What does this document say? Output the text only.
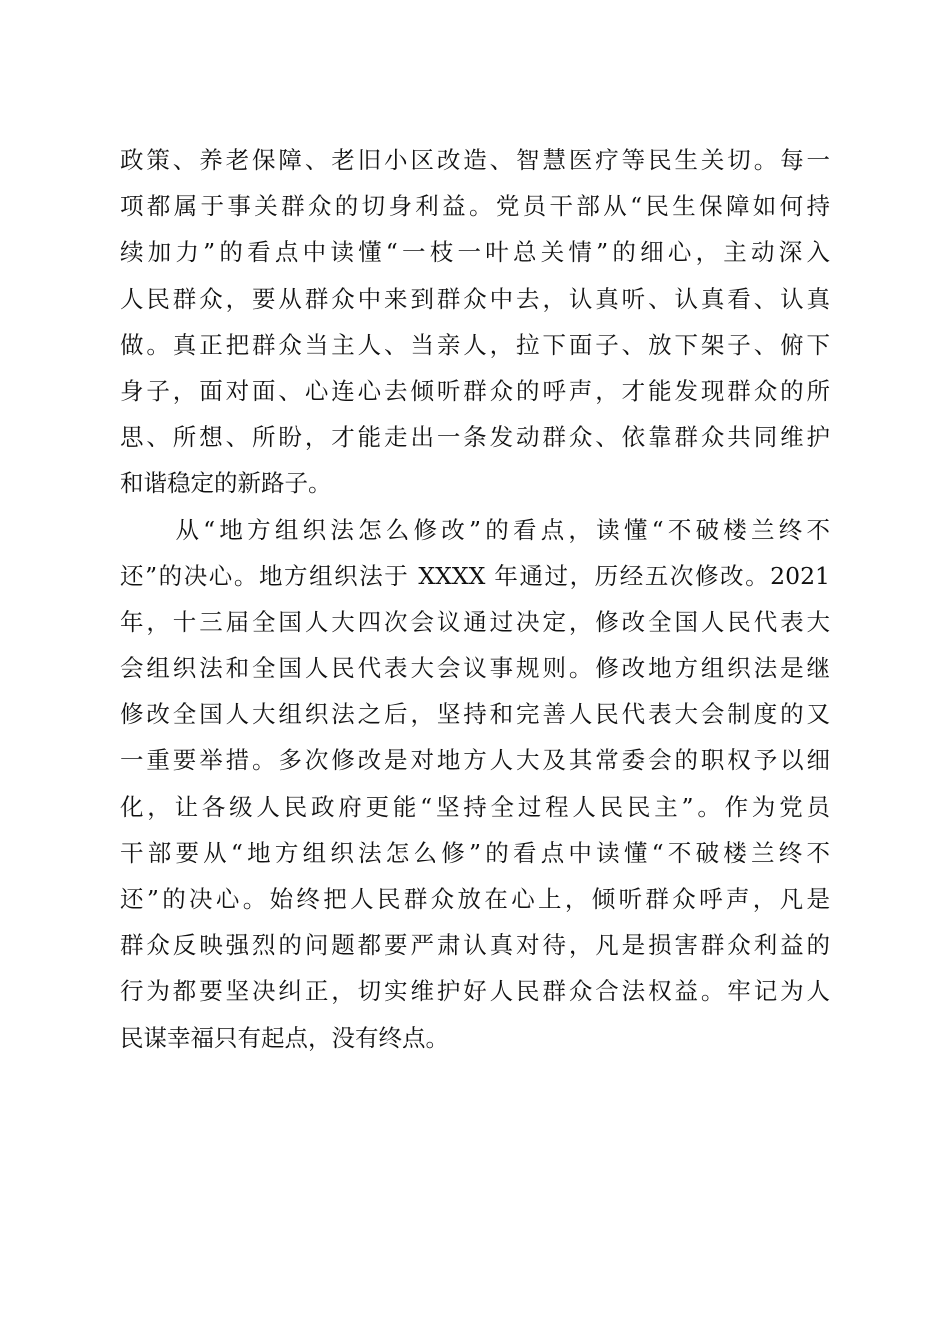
政策、养老保障、老旧小区改造、智慧医疗等民生关切。每一
项都属于事关群众的切身利益。党员干部从“民生保障如何持
续加力”的看点中读懂“一枝一叶总关情”的细心，主动深入
人民群众，要从群众中来到群众中去，认真听、认真看、认真
做。真正把群众当主人、当亲人，拉下面子、放下架子、俯下
身子，面对面、心连心去倾听群众的呼声，才能发现群众的所
思、所想、所盼，才能走出一条发动群众、依靠群众共同维护
和谐稳定的新路子。
　　从“地方组织法怎么修改”的看点，读懂“不破楼兰终不
还”的决心。地方组织法于 XXXX 年通过，历经五次修改。2021
年，十三届全国人大四次会议通过决定，修改全国人民代表大
会组织法和全国人民代表大会议事规则。修改地方组织法是继
修改全国人大组织法之后，坚持和完善人民代表大会制度的又
一重要举措。多次修改是对地方人大及其常委会的职权予以细
化，让各级人民政府更能“坚持全过程人民民主”。作为党员
干部要从“地方组织法怎么修”的看点中读懂“不破楼兰终不
还”的决心。始终把人民群众放在心上，倾听群众呼声，凡是
群众反映强烈的问题都要严肃认真对待，凡是损害群众利益的
行为都要坚决纠正，切实维护好人民群众合法权益。牢记为人
民谋幸福只有起点，没有终点。
